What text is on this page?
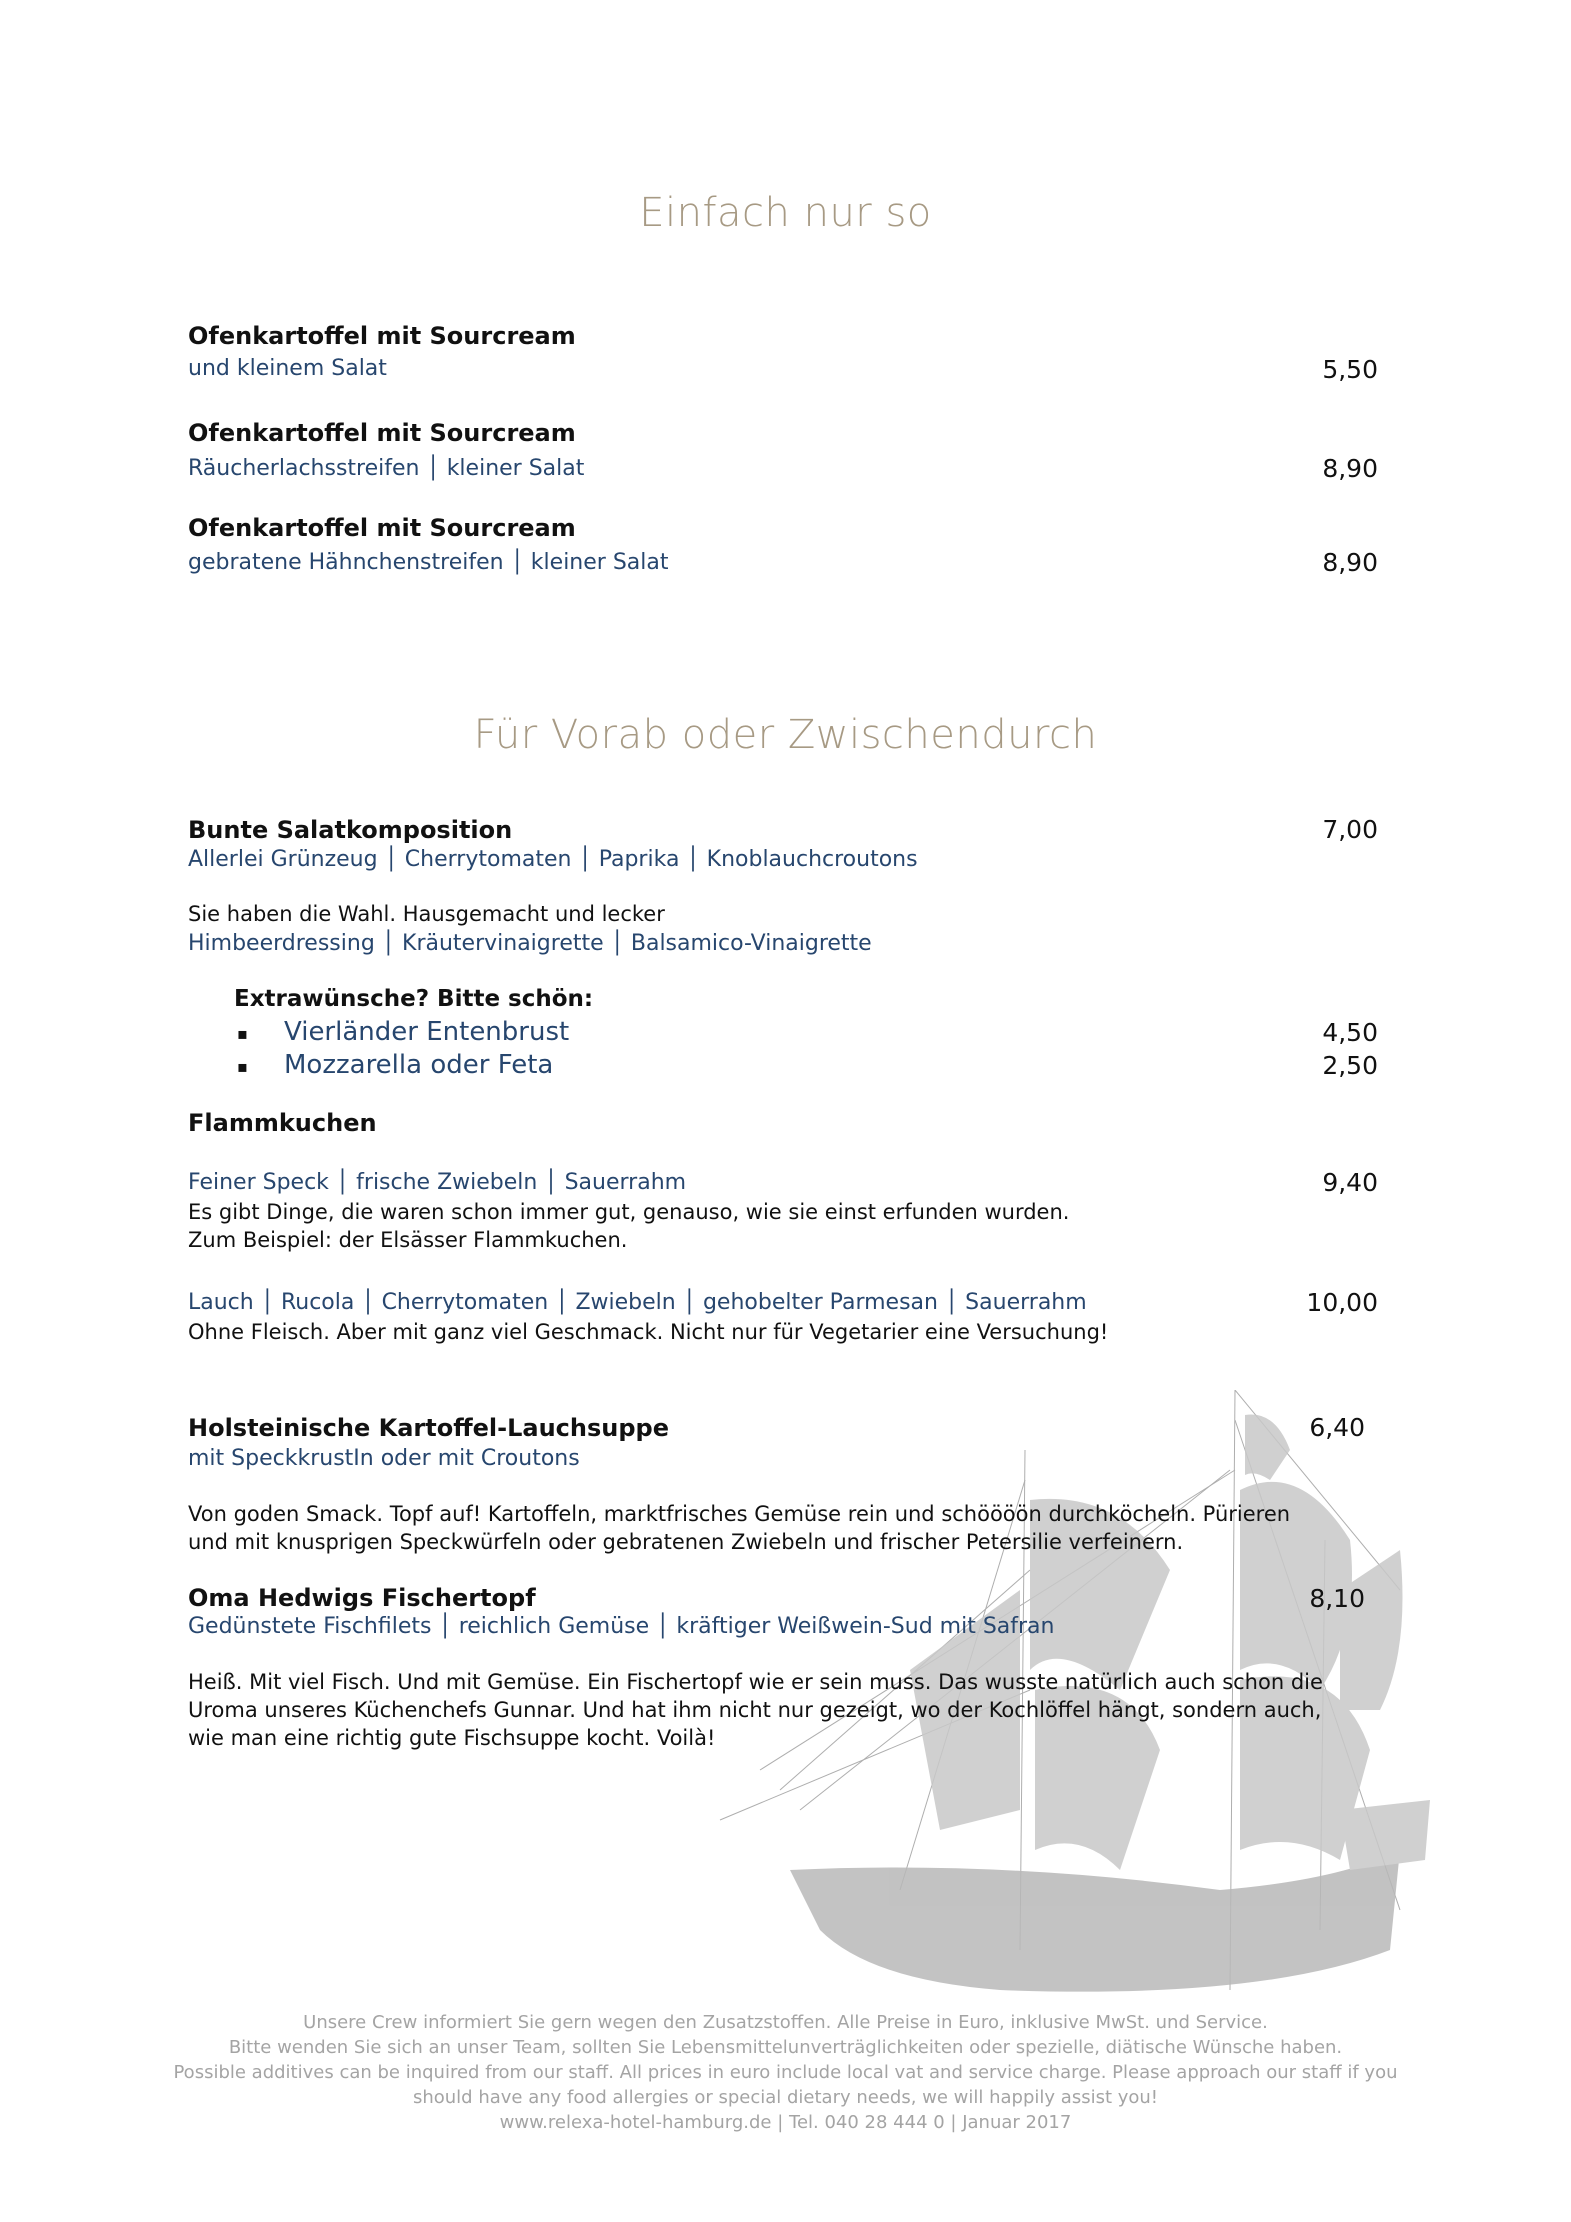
Einfach nur so
Ofenkartoffel mit Sourcream
und kleinem Salat	5,50
Ofenkartoffel mit Sourcream
Räucherlachsstreifen │ kleiner Salat	8,90
Ofenkartoffel mit Sourcream
gebratene Hähnchenstreifen │ kleiner Salat	8,90
Für Vorab oder Zwischendurch
Bunte Salatkomposition	7,00
Allerlei Grünzeug │ Cherrytomaten │ Paprika │ Knoblauchcroutons
Sie haben die Wahl. Hausgemacht und lecker
Himbeerdressing │ Kräutervinaigrette │ Balsamico-Vinaigrette
Extrawünsche? Bitte schön:
▪ Vierländer Entenbrust	4,50
▪ Mozzarella oder Feta	2,50
Flammkuchen
Feiner Speck │ frische Zwiebeln │ Sauerrahm	9,40
Es gibt Dinge, die waren schon immer gut, genauso, wie sie einst erfunden wurden.
Zum Beispiel: der Elsässer Flammkuchen.
Lauch │ Rucola │ Cherrytomaten │ Zwiebeln │ gehobelter Parmesan │ Sauerrahm	10,00
Ohne Fleisch. Aber mit ganz viel Geschmack. Nicht nur für Vegetarier eine Versuchung!
Holsteinische Kartoffel-Lauchsuppe	6,40
mit SpeckkrustIn oder mit Croutons
Von goden Smack. Topf auf! Kartoffeln, marktfrisches Gemüse rein und schöööön durchköcheln. Pürieren
und mit knusprigen Speckwürfeln oder gebratenen Zwiebeln und frischer Petersilie verfeinern.
Oma Hedwigs Fischertopf	8,10
Gedünstete Fischfilets │ reichlich Gemüse │ kräftiger Weißwein-Sud mit Safran
Heiß. Mit viel Fisch. Und mit Gemüse. Ein Fischertopf wie er sein muss. Das wusste natürlich auch schon die
Uroma unseres Küchenchefs Gunnar. Und hat ihm nicht nur gezeigt, wo der Kochlöffel hängt, sondern auch,
wie man eine richtig gute Fischsuppe kocht. Voilà!
Unsere Crew informiert Sie gern wegen den Zusatzstoffen. Alle Preise in Euro, inklusive MwSt. und Service.
Bitte wenden Sie sich an unser Team, sollten Sie Lebensmittelunverträglichkeiten oder spezielle, diätische Wünsche haben.
Possible additives can be inquired from our staff. All prices in euro include local vat and service charge. Please approach our staff if you
should have any food allergies or special dietary needs, we will happily assist you!
www.relexa-hotel-hamburg.de | Tel. 040 28 444 0 | Januar 2017
